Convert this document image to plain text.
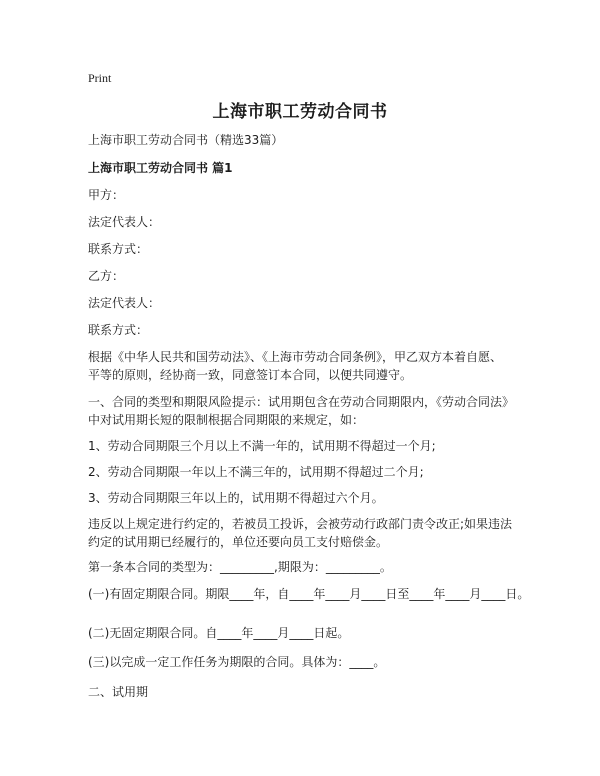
Print
上海市职工劳动合同书
上海市职工劳动合同书（精选33篇）
上海市职工劳动合同书 篇1
甲方：
法定代表人：
联系方式：
乙方：
法定代表人：
联系方式：
根据《中华人民共和国劳动法》、《上海市劳动合同条例》，甲乙双方本着自愿、
平等的原则，经协商一致，同意签订本合同，以便共同遵守。
一、合同的类型和期限风险提示：试用期包含在劳动合同期限内，《劳动合同法》
中对试用期长短的限制根据合同期限的来规定，如：
1、劳动合同期限三个月以上不满一年的，试用期不得超过一个月;
2、劳动合同期限一年以上不满三年的，试用期不得超过二个月;
3、劳动合同期限三年以上的，试用期不得超过六个月。
违反以上规定进行约定的，若被员工投诉，会被劳动行政部门责令改正;如果违法
约定的试用期已经履行的，单位还要向员工支付赔偿金。
第一条本合同的类型为：_________,期限为：_________。
(一)有固定期限合同。期限____年，自____年____月____日至____年____月____日。
(二)无固定期限合同。自____年____月____日起。
(三)以完成一定工作任务为期限的合同。具体为：____。
二、试用期
